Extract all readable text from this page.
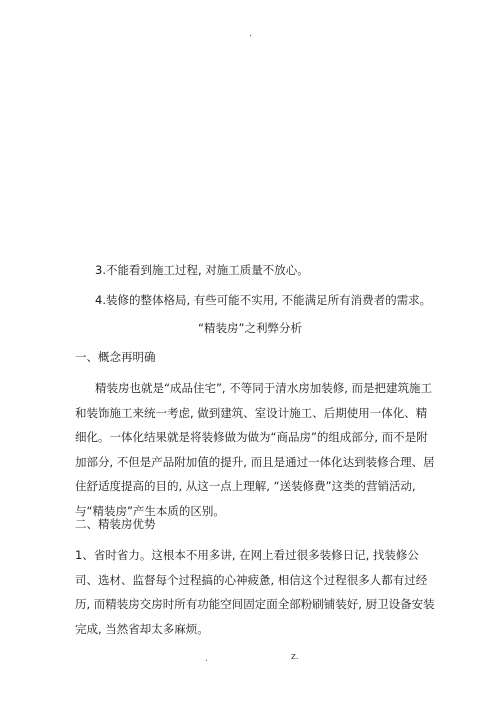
.
3.不能看到施工过程, 对施工质量不放心。
4.装修的整体格局, 有些可能不实用, 不能满足所有消费者的需求。
“精装房”之利弊分析
一、概念再明确
精装房也就是“成品住宅”, 不等同于清水房加装修, 而是把建筑施工和装饰施工来统一考虑, 做到建筑、室设计施工、后期使用一体化、精细化。一体化结果就是将装修做为做为“商品房”的组成部分, 而不是附加部分, 不但是产品附加值的提升, 而且是通过一体化达到装修合理、居住舒适度提高的目的, 从这一点上理解, “送装修费”这类的营销活动, 与“精装房”产生本质的区别。
二、精装房优势
1、省时省力。这根本不用多讲, 在网上看过很多装修日记, 找装修公司、选材、监督每个过程搞的心神疲惫, 相信这个过程很多人都有过经历, 而精装房交房时所有功能空间固定面全部粉刷铺装好, 厨卫设备安装完成, 当然省却太多麻烦。
.	z.
